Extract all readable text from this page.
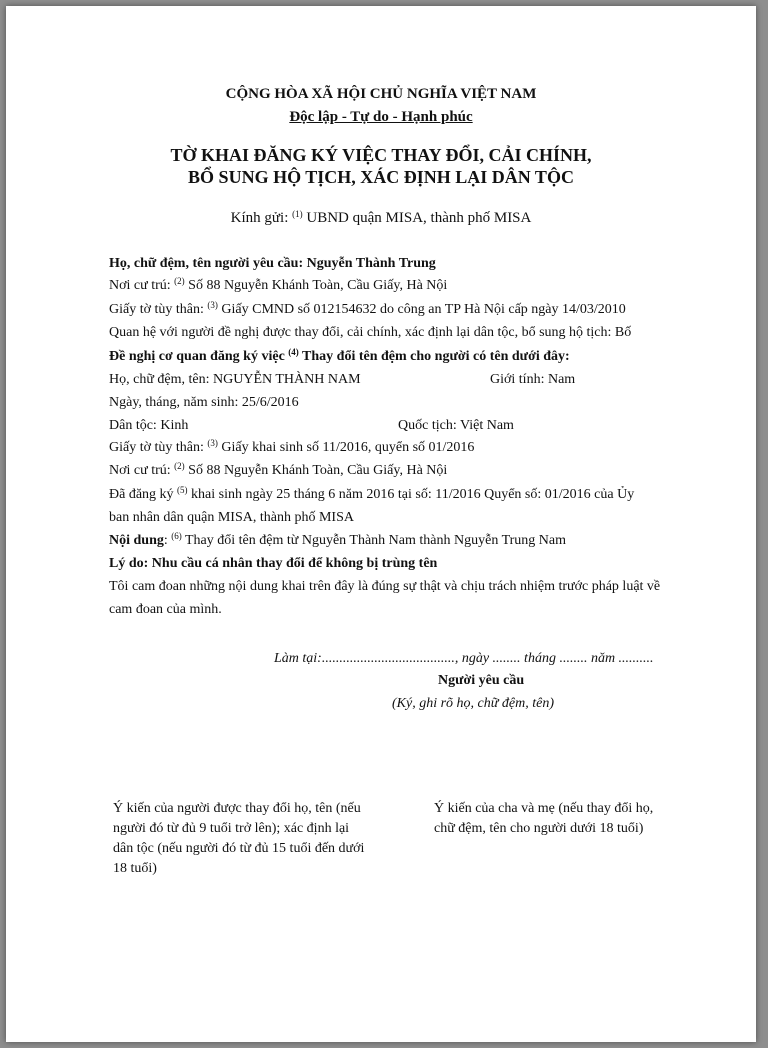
CỘNG HÒA XÃ HỘI CHỦ NGHĨA VIỆT NAM
Độc lập - Tự do - Hạnh phúc
TỜ KHAI ĐĂNG KÝ VIỆC THAY ĐỔI, CẢI CHÍNH,
BỔ SUNG HỘ TỊCH, XÁC ĐỊNH LẠI DÂN TỘC
Kính gửi: $^{(1)}$ UBND quận MISA, thành phố MISA
Họ, chữ đệm, tên người yêu cầu: Nguyễn Thành Trung
Nơi cư trú: $^{(2)}$ Số 88 Nguyễn Khánh Toàn, Cầu Giấy, Hà Nội
Giấy tờ tùy thân: $^{(3)}$ Giấy CMND số 012154632 do công an TP Hà Nội cấp ngày 14/03/2010
Quan hệ với người đề nghị được thay đổi, cải chính, xác định lại dân tộc, bổ sung hộ tịch: Bố
Đề nghị cơ quan đăng ký việc $^{(4)}$ Thay đổi tên đệm cho người có tên dưới đây:
Họ, chữ đệm, tên: NGUYỄN THÀNH NAM	Giới tính: Nam
Ngày, tháng, năm sinh: 25/6/2016
Dân tộc: Kinh	Quốc tịch: Việt Nam
Giấy tờ tùy thân: $^{(3)}$ Giấy khai sinh số 11/2016, quyển số 01/2016
Nơi cư trú: $^{(2)}$ Số 88 Nguyễn Khánh Toàn, Cầu Giấy, Hà Nội
Đã đăng ký $^{(5)}$ khai sinh ngày 25 tháng 6 năm 2016 tại số: 11/2016 Quyển số: 01/2016 của Ủy
ban nhân dân quận MISA, thành phố MISA
Nội dung: $^{(6)}$ Thay đổi tên đệm từ Nguyễn Thành Nam thành Nguyễn Trung Nam
Lý do: Nhu cầu cá nhân thay đổi để không bị trùng tên
Tôi cam đoan những nội dung khai trên đây là đúng sự thật và chịu trách nhiệm trước pháp luật về
cam đoan của mình.
Làm tại:......................................, ngày ........ tháng ........ năm ..........
Người yêu cầu
(Ký, ghi rõ họ, chữ đệm, tên)
Ý kiến của người được thay đổi họ, tên (nếu
người đó từ đủ 9 tuổi trở lên); xác định lại
dân tộc (nếu người đó từ đủ 15 tuổi đến dưới
18 tuổi)
Ý kiến của cha và mẹ (nếu thay đổi họ,
chữ đệm, tên cho người dưới 18 tuổi)
